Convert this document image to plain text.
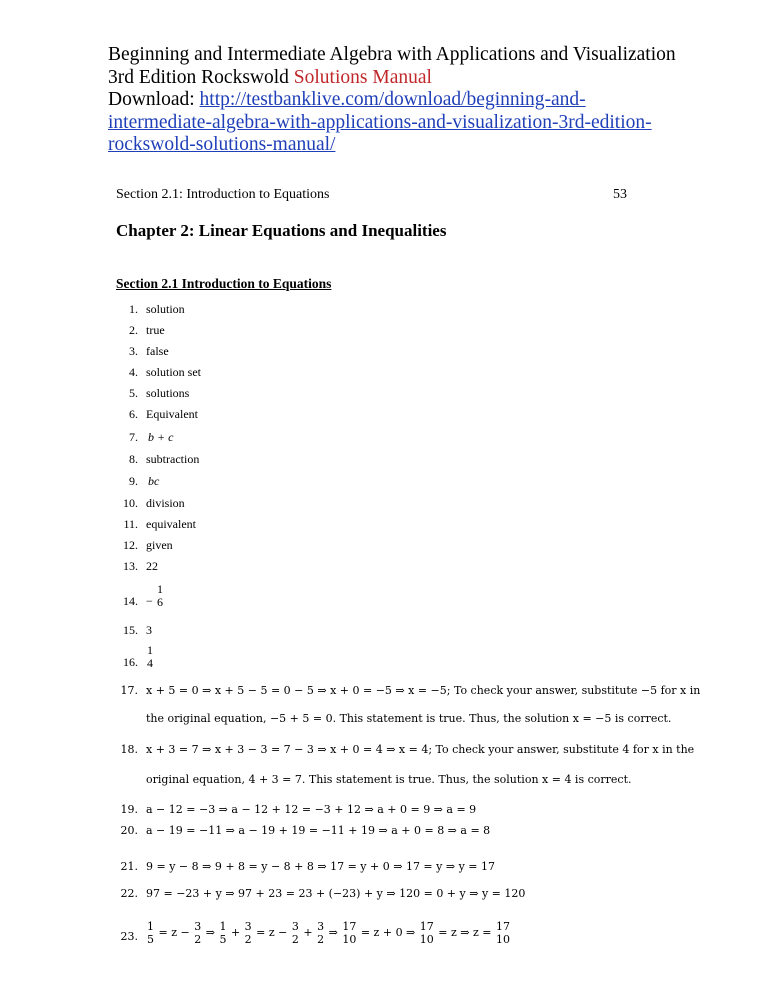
Beginning and Intermediate Algebra with Applications and Visualization
3rd Edition Rockswold Solutions Manual
Download: http://testbanklive.com/download/beginning-and-
intermediate-algebra-with-applications-and-visualization-3rd-edition-
rockswold-solutions-manual/
Section 2.1: Introduction to Equations	53
Chapter 2: Linear Equations and Inequalities
Section 2.1 Introduction to Equations
1. solution
2. true
3. false
4. solution set
5. solutions
6. Equivalent
7. b + c
8. subtraction
9. bc
10. division
11. equivalent
12. given
13. 22
14. −
1
6
15. 3
16.
1
4
17. x + 5 = 0 ⇒ x + 5 − 5 = 0 − 5 ⇒ x + 0 = −5 ⇒ x = −5; To check your answer, substitute −5 for x in
the original equation, −5 + 5 = 0. This statement is true. Thus, the solution x = −5 is correct.
18. x + 3 = 7 ⇒ x + 3 − 3 = 7 − 3 ⇒ x + 0 = 4 ⇒ x = 4; To check your answer, substitute 4 for x in the
original equation, 4 + 3 = 7. This statement is true. Thus, the solution x = 4 is correct.
19. a − 12 = −3 ⇒ a − 12 + 12 = −3 + 12 ⇒ a + 0 = 9 ⇒ a = 9
20. a − 19 = −11 ⇒ a − 19 + 19 = −11 + 19 ⇒ a + 0 = 8 ⇒ a = 8
21. 9 = y − 8 ⇒ 9 + 8 = y − 8 + 8 ⇒ 17 = y + 0 ⇒ 17 = y ⇒ y = 17
22. 97 = −23 + y ⇒ 97 + 23 = 23 + (−23) + y ⇒ 120 = 0 + y ⇒ y = 120
23.
1
5
= z − 3
2
⇒ 1
5
+ 3
2
= z − 3
2
+ 3
2
⇒ 17
10
= z + 0 ⇒ 17
10
= z ⇒ z = 17
10
